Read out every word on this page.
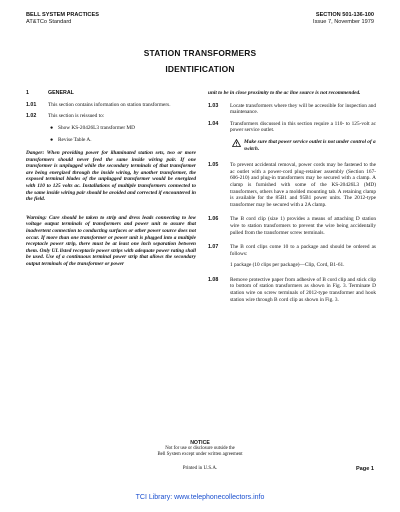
BELL SYSTEM PRACTICES
AT&TCo Standard
SECTION 501-136-100
Issue 7, November 1979
STATION TRANSFORMERS
IDENTIFICATION
1	GENERAL
1.01	This section contains information on station transformers.
1.02	This section is reissued to:
● Show KS-20426L3 transformer MD
● Revise Table A.
Danger: When providing power for illuminated station sets, two or more transformers should never feed the same inside wiring pair. If one transformer is unplugged while the secondary terminals of that transformer are being energized through the inside wiring, by another transformer, the exposed terminal blades of the unplugged transformer would be energized with 110 to 125 volts ac. Installations of multiple transformers connected to the same inside wiring pair should be avoided and corrected if encountered in the field.
Warning: Care should be taken to strip and dress leads connecting to low voltage output terminals of transformers and power unit to assure that inadvertent connection to conducting surfaces or other power source does not occur. If more than one transformer or power unit is plugged into a multiple receptacle power strip, there must be at least one inch separation between them. Only UL listed receptacle power strips with adequate power rating shall be used. Use of a continuous terminal power strip that allows the secondary output terminals of the transformer or power
unit to be in close proximity to the ac line source is not recommended.
1.03	Locate transformers where they will be accessible for inspection and maintenance.
1.04	Transformers discussed in this section require a 110- to 125-volt ac power service outlet.
Make sure that power service outlet is not under control of a switch.
1.05	To prevent accidental removal, power cords may be fastened to the ac outlet with a power-cord plug-retainer assembly (Section 167-606-210) and plug-in transformers may be secured with a clamp. A clamp is furnished with some of the KS-20426L3 (MD) transformers, others have a molded mounting tab. A retaining clamp is available for the 85B1 and 95B1 power units. The 2012-type transformer may be secured with a 2A clamp.
1.06	The B cord clip (size 1) provides a means of attaching D station wire to station transformers to prevent the wire being accidentally pulled from the transformer screw terminals.
1.07	The B cord clips come 10 to a package and should be ordered as follows:
1 package (10 clips per package)—Clip, Cord, B1-61.
1.08	Remove protective paper from adhesive of B cord clip and stick clip to bottom of station transformers as shown in Fig. 3. Terminate D station wire on screw terminals of 2012-type transformer and hook station wire through B cord clip as shown in Fig. 3.
NOTICE
Not for use or disclosure outside the
Bell System except under written agreement
Printed in U.S.A.	Page 1
TCI Library: www.telephonecollectors.info
